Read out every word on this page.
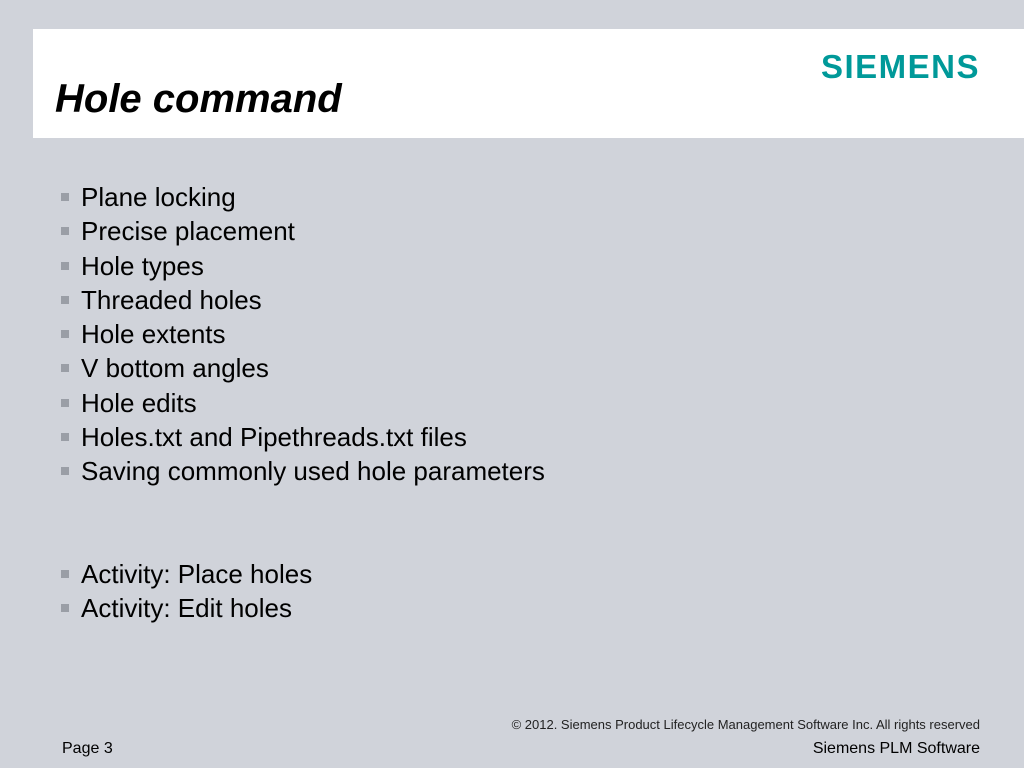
Hole command
SIEMENS
Plane locking
Precise placement
Hole types
Threaded holes
Hole extents
V bottom angles
Hole edits
Holes.txt and Pipethreads.txt files
Saving commonly used hole parameters
Activity: Place holes
Activity: Edit holes
© 2012. Siemens Product Lifecycle Management Software Inc. All rights reserved
Page 3	Siemens PLM Software
